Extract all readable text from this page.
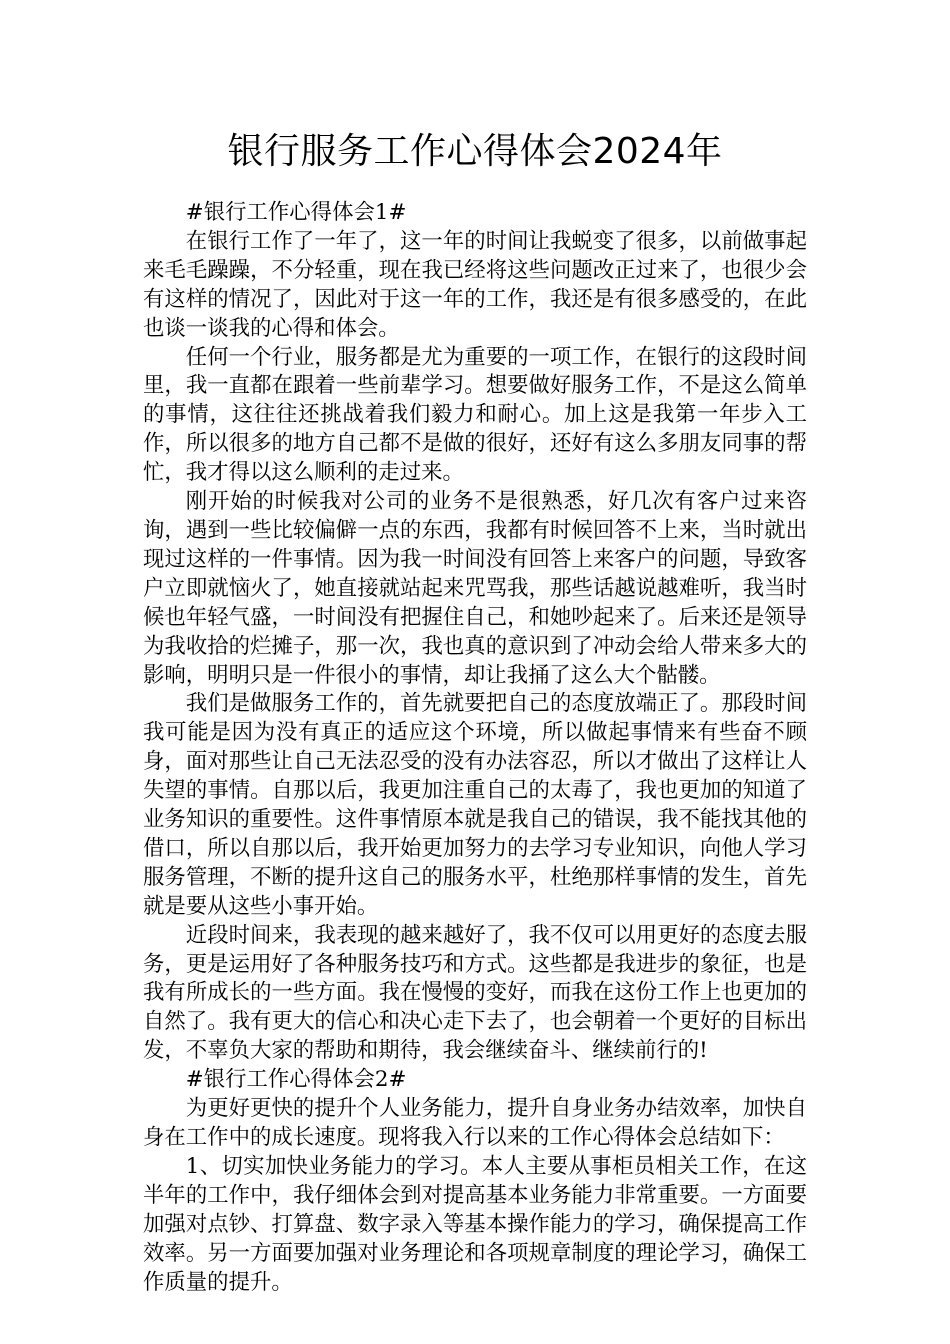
银行服务工作心得体会2024年

#银行工作心得体会1#

在银行工作了一年了，这一年的时间让我蜕变了很多，以前做事起来毛毛躁躁，不分轻重，现在我已经将这些问题改正过来了，也很少会有这样的情况了，因此对于这一年的工作，我还是有很多感受的，在此也谈一谈我的心得和体会。

任何一个行业，服务都是尤为重要的一项工作，在银行的这段时间里，我一直都在跟着一些前辈学习。想要做好服务工作，不是这么简单的事情，这往往还挑战着我们毅力和耐心。加上这是我第一年步入工作，所以很多的地方自己都不是做的很好，还好有这么多朋友同事的帮忙，我才得以这么顺利的走过来。

刚开始的时候我对公司的业务不是很熟悉，好几次有客户过来咨询，遇到一些比较偏僻一点的东西，我都有时候回答不上来，当时就出现过这样的一件事情。因为我一时间没有回答上来客户的问题，导致客户立即就恼火了，她直接就站起来咒骂我，那些话越说越难听，我当时候也年轻气盛，一时间没有把握住自己，和她吵起来了。后来还是领导为我收拾的烂摊子，那一次，我也真的意识到了冲动会给人带来多大的影响，明明只是一件很小的事情，却让我捅了这么大个骷髅。

我们是做服务工作的，首先就要把自己的态度放端正了。那段时间我可能是因为没有真正的适应这个环境，所以做起事情来有些奋不顾身，面对那些让自己无法忍受的没有办法容忍，所以才做出了这样让人失望的事情。自那以后，我更加注重自己的太毒了，我也更加的知道了业务知识的重要性。这件事情原本就是我自己的错误，我不能找其他的借口，所以自那以后，我开始更加努力的去学习专业知识，向他人学习服务管理，不断的提升这自己的服务水平，杜绝那样事情的发生，首先就是要从这些小事开始。

近段时间来，我表现的越来越好了，我不仅可以用更好的态度去服务，更是运用好了各种服务技巧和方式。这些都是我进步的象征，也是我有所成长的一些方面。我在慢慢的变好，而我在这份工作上也更加的自然了。我有更大的信心和决心走下去了，也会朝着一个更好的目标出发，不辜负大家的帮助和期待，我会继续奋斗、继续前行的!

#银行工作心得体会2#

为更好更快的提升个人业务能力，提升自身业务办结效率，加快自身在工作中的成长速度。现将我入行以来的工作心得体会总结如下：

1、切实加快业务能力的学习。本人主要从事柜员相关工作，在这半年的工作中，我仔细体会到对提高基本业务能力非常重要。一方面要加强对点钞、打算盘、数字录入等基本操作能力的学习，确保提高工作效率。另一方面要加强对业务理论和各项规章制度的理论学习，确保工作质量的提升。
